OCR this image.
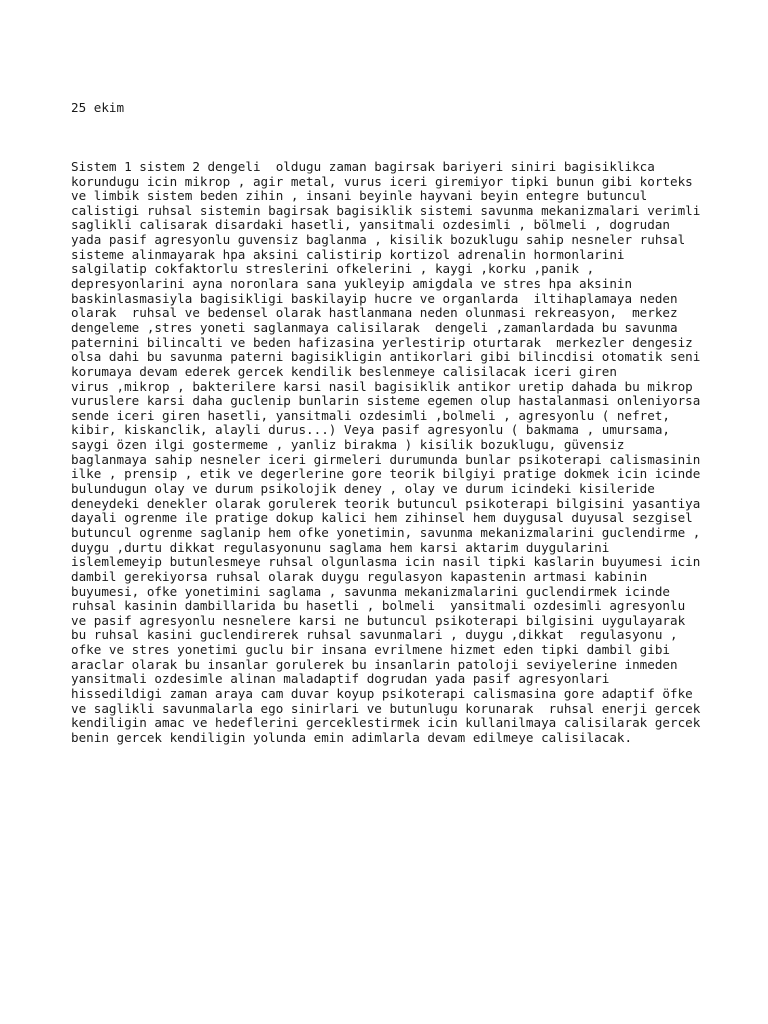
25 ekim

Sistem 1 sistem 2 dengeli  oldugu zaman bagirsak bariyeri siniri bagisiklikca
korundugu icin mikrop , agir metal, vurus iceri giremiyor tipki bunun gibi korteks
ve limbik sistem beden zihin , insani beyinle hayvani beyin entegre butuncul
calistigi ruhsal sistemin bagirsak bagisiklik sistemi savunma mekanizmalari verimli
saglikli calisarak disardaki hasetli, yansitmali ozdesimli , bölmeli , dogrudan
yada pasif agresyonlu guvensiz baglanma , kisilik bozuklugu sahip nesneler ruhsal
sisteme alinmayarak hpa aksini calistirip kortizol adrenalin hormonlarini
salgilatip cokfaktorlu streslerini ofkelerini , kaygi ,korku ,panik ,
depresyonlarini ayna noronlara sana yukleyip amigdala ve stres hpa aksinin
baskinlasmasiyla bagisikligi baskilayip hucre ve organlarda  iltihaplamaya neden
olarak  ruhsal ve bedensel olarak hastlanmana neden olunmasi rekreasyon,  merkez
dengeleme ,stres yoneti saglanmaya calisilarak  dengeli ,zamanlardada bu savunma
paternini bilincalti ve beden hafizasina yerlestirip oturtarak  merkezler dengesiz
olsa dahi bu savunma paterni bagisikligin antikorlari gibi bilincdisi otomatik seni
korumaya devam ederek gercek kendilik beslenmeye calisilacak iceri giren
virus ,mikrop , bakterilere karsi nasil bagisiklik antikor uretip dahada bu mikrop
vuruslere karsi daha guclenip bunlarin sisteme egemen olup hastalanmasi onleniyorsa
sende iceri giren hasetli, yansitmali ozdesimli ,bolmeli , agresyonlu ( nefret,
kibir, kiskanclik, alayli durus...) Veya pasif agresyonlu ( bakmama , umursama,
saygi özen ilgi gostermeme , yanliz birakma ) kisilik bozuklugu, güvensiz
baglanmaya sahip nesneler iceri girmeleri durumunda bunlar psikoterapi calismasinin
ilke , prensip , etik ve degerlerine gore teorik bilgiyi pratige dokmek icin icinde
bulundugun olay ve durum psikolojik deney , olay ve durum icindeki kisileride
deneydeki denekler olarak gorulerek teorik butuncul psikoterapi bilgisini yasantiya
dayali ogrenme ile pratige dokup kalici hem zihinsel hem duygusal duyusal sezgisel
butuncul ogrenme saglanip hem ofke yonetimin, savunma mekanizmalarini guclendirme ,
duygu ,durtu dikkat regulasyonunu saglama hem karsi aktarim duygularini
islemlemeyip butunlesmeye ruhsal olgunlasma icin nasil tipki kaslarin buyumesi icin
dambil gerekiyorsa ruhsal olarak duygu regulasyon kapastenin artmasi kabinin
buyumesi, ofke yonetimini saglama , savunma mekanizmalarini guclendirmek icinde
ruhsal kasinin dambillarida bu hasetli , bolmeli  yansitmali ozdesimli agresyonlu
ve pasif agresyonlu nesnelere karsi ne butuncul psikoterapi bilgisini uygulayarak
bu ruhsal kasini guclendirerek ruhsal savunmalari , duygu ,dikkat  regulasyonu ,
ofke ve stres yonetimi guclu bir insana evrilmene hizmet eden tipki dambil gibi
araclar olarak bu insanlar gorulerek bu insanlarin patoloji seviyelerine inmeden
yansitmali ozdesimle alinan maladaptif dogrudan yada pasif agresyonlari
hissedildigi zaman araya cam duvar koyup psikoterapi calismasina gore adaptif öfke
ve saglikli savunmalarla ego sinirlari ve butunlugu korunarak  ruhsal enerji gercek
kendiligin amac ve hedeflerini gerceklestirmek icin kullanilmaya calisilarak gercek
benin gercek kendiligin yolunda emin adimlarla devam edilmeye calisilacak.
